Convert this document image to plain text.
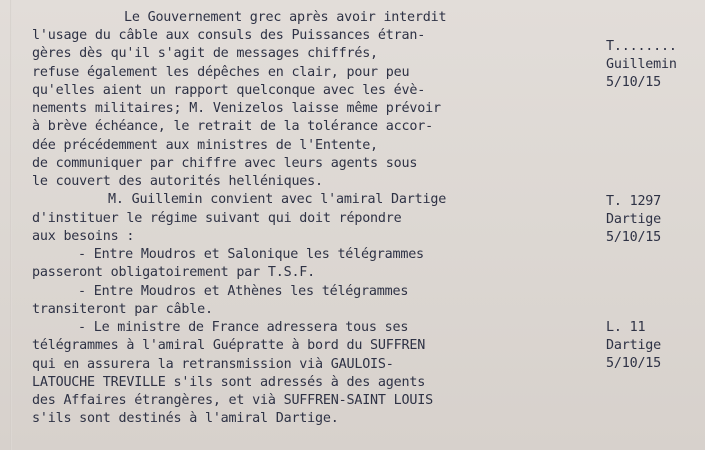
Le Gouvernement grec après avoir interdit
l'usage du câble aux consuls des Puissances étran-
gères dès qu'il s'agit de messages chiffrés,
refuse également les dépêches en clair, pour peu
qu'elles aient un rapport quelconque avec les évè-
nements militaires; M. Venizelos laisse même prévoir
à brève échéance, le retrait de la tolérance accor-
dée précédemment aux ministres de l'Entente,
de communiquer par chiffre avec leurs agents sous
le couvert des autorités helléniques.
M. Guillemin convient avec l'amiral Dartige
d'instituer le régime suivant qui doit répondre
aux besoins :
- Entre Moudros et Salonique les télégrammes
passeront obligatoirement par T.S.F.
- Entre Moudros et Athènes les télégrammes
transiteront par câble.
- Le ministre de France adressera tous ses
télégrammes à l'amiral Guépratte à bord du SUFFREN
qui en assurera la retransmission vià GAULOIS-
LATOUCHE TREVILLE s'ils sont adressés à des agents
des Affaires étrangères, et vià SUFFREN-SAINT LOUIS
s'ils sont destinés à l'amiral Dartige.
T........
Guillemin
5/10/15
T. 1297
Dartige
5/10/15
L. 11
Dartige
5/10/15
